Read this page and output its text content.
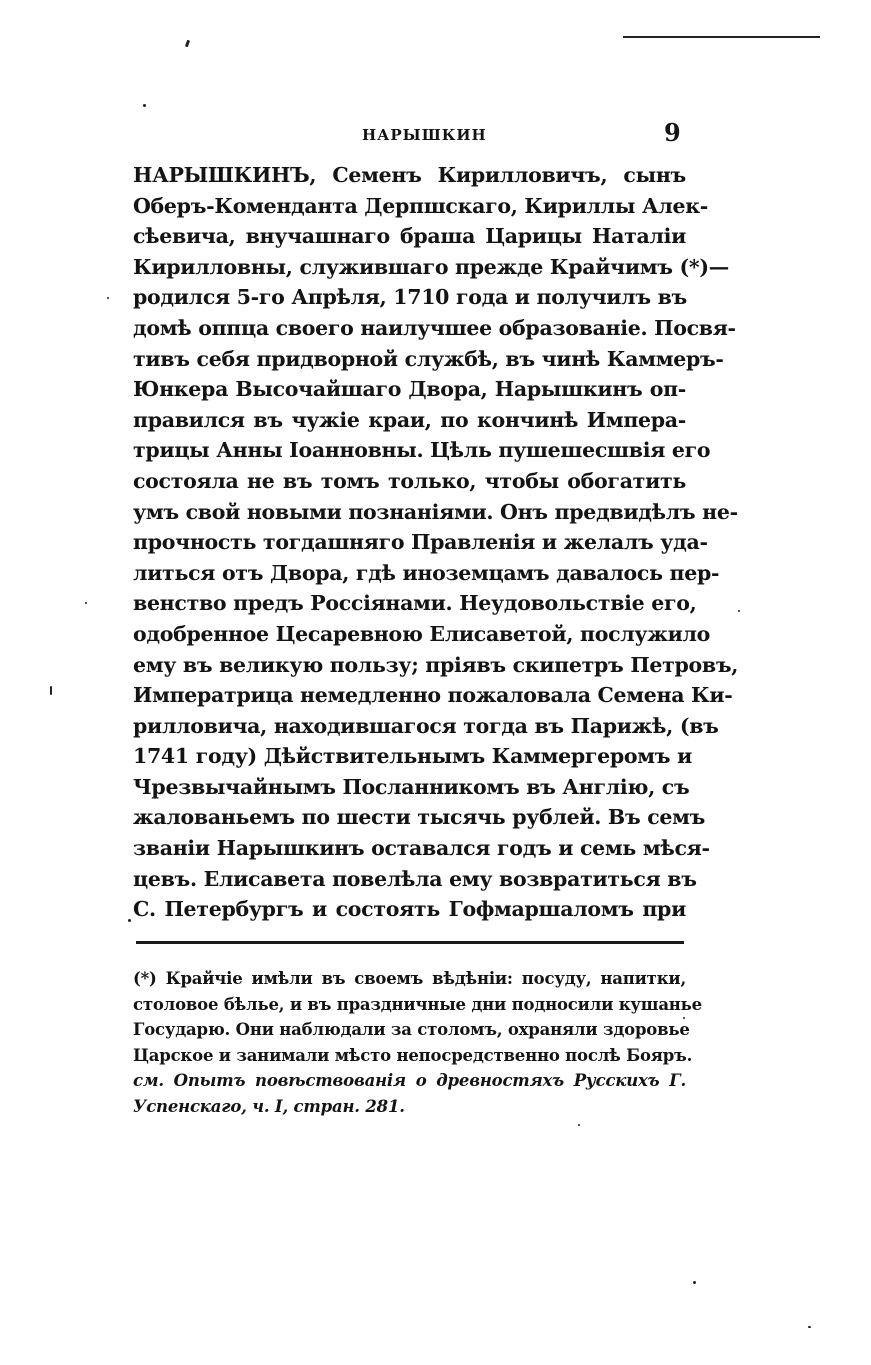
НАРЫШКИН	9
НАРЫШКИНЪ, Семенъ Кирилловичъ, сынъ
Оберъ-Коменданта Дерпшскаго, Кириллы Алек-
сѣевича, внучашнаго браша Царицы Наталіи
Кирилловны, служившаго прежде Крайчимъ (*)—
родился 5-го Апрѣля, 1710 года и получилъ въ
домѣ оппца своего наилучшее образованіе. Посвя-
тивъ себя придворной службѣ, въ чинѣ Каммеръ-
Юнкера Высочайшаго Двора, Нарышкинъ оп-
правился въ чужіе краи, по кончинѣ Импера-
трицы Анны Іоанновны. Цѣль пушешесшвія его
состояла не въ томъ только, чтобы обогатить
умъ свой новыми познаніями. Онъ предвидѣлъ не-
прочность тогдашняго Правленія и желалъ уда-
литься отъ Двора, гдѣ иноземцамъ давалось пер-
венство предъ Россіянами. Неудовольствіе его,
одобренное Цесаревною Елисаветой, послужило
ему въ великую пользу; прiявъ скипетръ Петровъ,
Императрица немедленно пожаловала Семена Ки-
рилловича, находившагося тогда въ Парижѣ, (въ
1741 году) Дѣйствительнымъ Каммергеромъ и
Чрезвычайнымъ Посланникомъ въ Англію, съ
жалованьемъ по шести тысячь рублей. Въ семъ
званіи Нарышкинъ оставался годъ и семь мѣся-
цевъ. Елисавета повелѣла ему возвратиться въ
С. Петербургъ и состоять Гофмаршаломъ при
(*) Крайчіе имѣли въ своемъ вѣдѣніи: посуду, напитки,
столовое бѣлье, и въ праздничные дни подносили кушанье
Государю. Они наблюдали за столомъ, охраняли здоровье
Царское и занимали мѣсто непосредственно послѣ Бояръ.
см. Опытъ повѣствованія о древностяхъ Русскихъ Г.
Успенскаго, ч. I, стран. 281.
